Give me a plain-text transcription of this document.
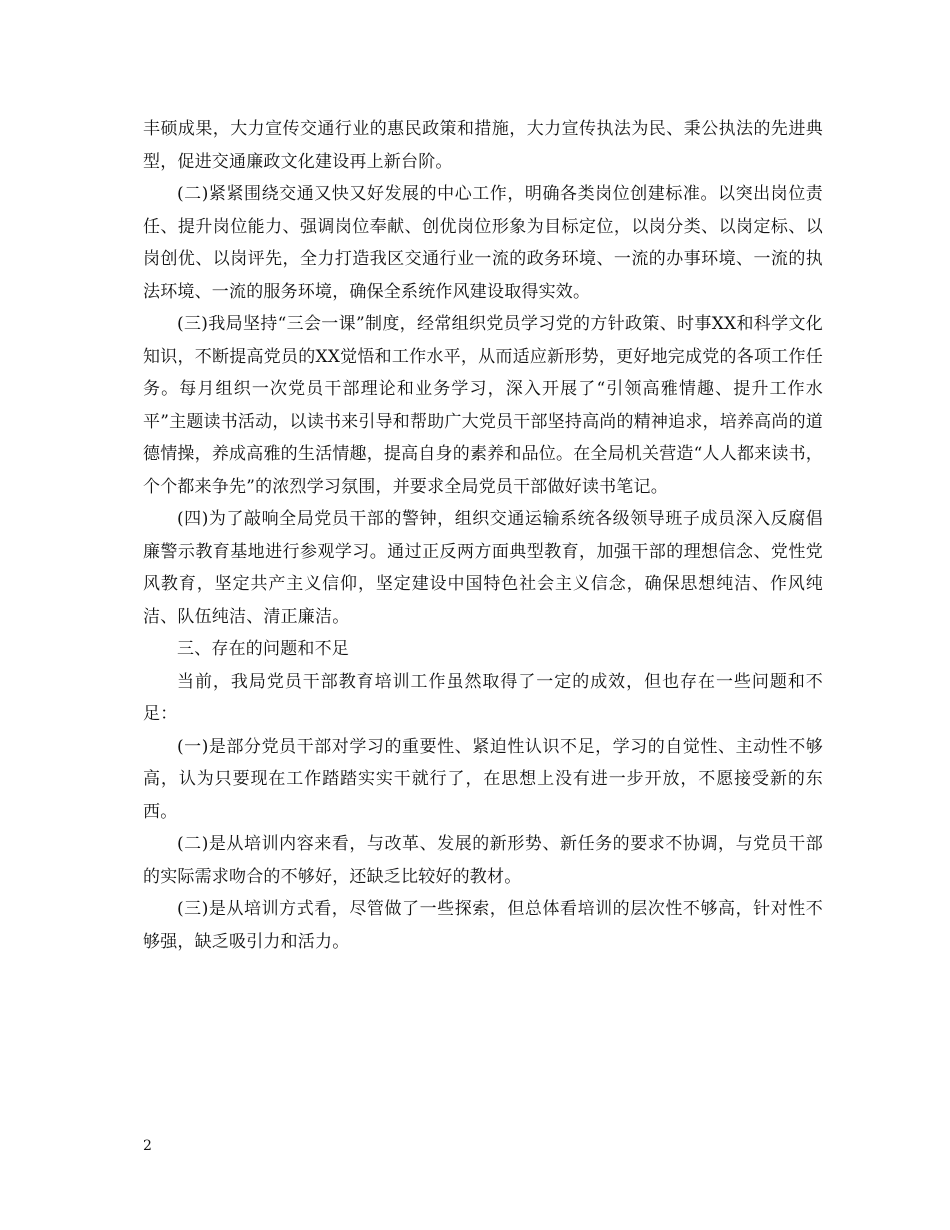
丰硕成果，大力宣传交通行业的惠民政策和措施，大力宣传执法为民、秉公执法的先进典型，促进交通廉政文化建设再上新台阶。

(二)紧紧围绕交通又快又好发展的中心工作，明确各类岗位创建标准。以突出岗位责任、提升岗位能力、强调岗位奉献、创优岗位形象为目标定位，以岗分类、以岗定标、以岗创优、以岗评先，全力打造我区交通行业一流的政务环境、一流的办事环境、一流的执法环境、一流的服务环境，确保全系统作风建设取得实效。

(三)我局坚持“三会一课”制度，经常组织党员学习党的方针政策、时事XX和科学文化知识，不断提高党员的XX觉悟和工作水平，从而适应新形势，更好地完成党的各项工作任务。每月组织一次党员干部理论和业务学习，深入开展了“引领高雅情趣、提升工作水平”主题读书活动，以读书来引导和帮助广大党员干部坚持高尚的精神追求，培养高尚的道德情操，养成高雅的生活情趣，提高自身的素养和品位。在全局机关营造“人人都来读书，个个都来争先”的浓烈学习氛围，并要求全局党员干部做好读书笔记。

(四)为了敲响全局党员干部的警钟，组织交通运输系统各级领导班子成员深入反腐倡廉警示教育基地进行参观学习。通过正反两方面典型教育，加强干部的理想信念、党性党风教育，坚定共产主义信仰，坚定建设中国特色社会主义信念，确保思想纯洁、作风纯洁、队伍纯洁、清正廉洁。

三、存在的问题和不足

当前，我局党员干部教育培训工作虽然取得了一定的成效，但也存在一些问题和不足：

(一)是部分党员干部对学习的重要性、紧迫性认识不足，学习的自觉性、主动性不够高，认为只要现在工作踏踏实实干就行了，在思想上没有进一步开放，不愿接受新的东西。

(二)是从培训内容来看，与改革、发展的新形势、新任务的要求不协调，与党员干部的实际需求吻合的不够好，还缺乏比较好的教材。

(三)是从培训方式看，尽管做了一些探索，但总体看培训的层次性不够高，针对性不够强，缺乏吸引力和活力。

2
